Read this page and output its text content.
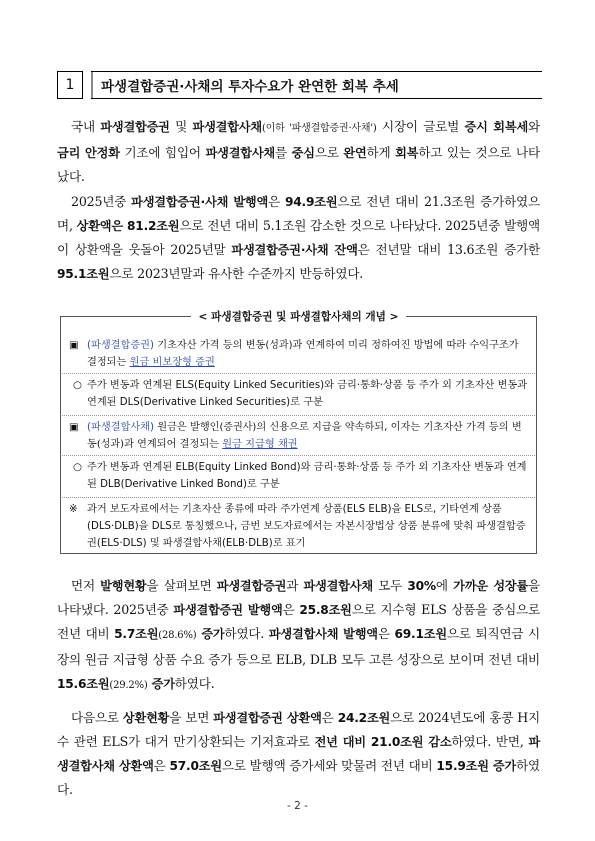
1	파생결합증권·사채의 투자수요가 완연한 회복 추세
국내 파생결합증권 및 파생결합사채(이하 '파생결합증권·사채') 시장이 글로벌 증시 회복세와 금리 안정화 기조에 힘입어 파생결합사채를 중심으로 완연하게 회복하고 있는 것으로 나타났다.
2025년중 파생결합증권·사채 발행액은 94.9조원으로 전년 대비 21.3조원 증가하였으며, 상환액은 81.2조원으로 전년 대비 5.1조원 감소한 것으로 나타났다. 2025년중 발행액이 상환액을 웃돌아 2025년말 파생결합증권·사채 잔액은 전년말 대비 13.6조원 증가한 95.1조원으로 2023년말과 유사한 수준까지 반등하였다.
< 파생결합증권 및 파생결합사채의 개념 >
▣ (파생결합증권) 기초자산 가격 등의 변동(성과)과 연계하여 미리 정하여진 방법에 따라 수익구조가 결정되는 원금 비보장형 증권
○ 주가 변동과 연계된 ELS(Equity Linked Securities)와 금리·통화·상품 등 주가 외 기초자산 변동과 연계된 DLS(Derivative Linked Securities)로 구분
▣ (파생결합사채) 원금은 발행인(증권사)의 신용으로 지급을 약속하되, 이자는 기초자산 가격 등의 변동(성과)과 연계되어 결정되는 원금 지급형 채권
○ 주가 변동과 연계된 ELB(Equity Linked Bond)와 금리·통화·상품 등 주가 외 기초자산 변동과 연계된 DLB(Derivative Linked Bond)로 구분
※ 과거 보도자료에서는 기초자산 종류에 따라 주가연계 상품(ELS ELB)을 ELS로, 기타연계 상품(DLS·DLB)을 DLS로 통칭했으나, 금번 보도자료에서는 자본시장법상 상품 분류에 맞춰 파생결합증권(ELS·DLS) 및 파생결합사채(ELB·DLB)로 표기
먼저 발행현황을 살펴보면 파생결합증권과 파생결합사채 모두 30%에 가까운 성장률을 나타냈다. 2025년중 파생결합증권 발행액은 25.8조원으로 지수형 ELS 상품을 중심으로 전년 대비 5.7조원(28.6%) 증가하였다. 파생결합사채 발행액은 69.1조원으로 퇴직연금 시장의 원금 지급형 상품 수요 증가 등으로 ELB, DLB 모두 고른 성장으로 보이며 전년 대비 15.6조원(29.2%) 증가하였다.
다음으로 상환현황을 보면 파생결합증권 상환액은 24.2조원으로 2024년도에 홍콩 H지수 관련 ELS가 대거 만기상환되는 기저효과로 전년 대비 21.0조원 감소하였다. 반면, 파생결합사채 상환액은 57.0조원으로 발행액 증가세와 맞물려 전년 대비 15.9조원 증가하였다.
- 2 -
